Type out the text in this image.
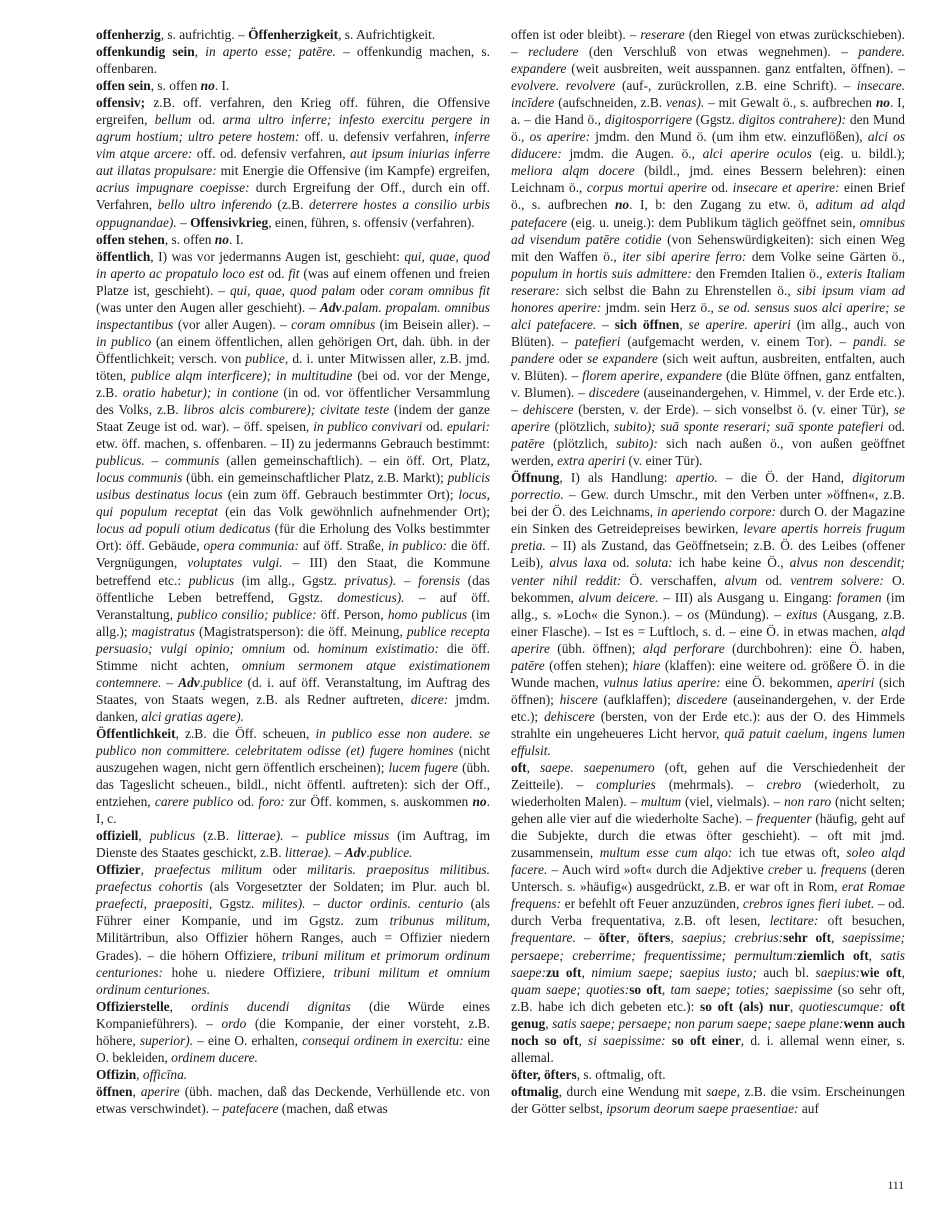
offenherzig, s. aufrichtig. – Öffenherzigkeit, s. Aufrichtigkeit.

offenkundig sein, in aperto esse; patēre. – offenkundig machen, s. offenbaren.

offen sein, s. offen no. I.

offensiv; z.B. off. verfahren, den Krieg off. führen, die Offensive ergreifen, bellum od. arma ultro inferre; infesto exercitu pergere in agrum hostium; ultro petere hostem: off. u. defensiv verfahren, inferre vim atque arcere: off. od. defensiv verfahren, aut ipsum iniurias inferre aut illatas propulsare: mit Energie die Offensive (im Kampfe) ergreifen, acrius impugnare coepisse: durch Ergreifung der Off., durch ein off. Verfahren, bello ultro inferendo (z.B. deterrere hostes a consilio urbis oppugnandae). – Offensivkrieg, einen, führen, s. offensiv (verfahren).

offen stehen, s. offen no. I.

öffentlich, I) was vor jedermanns Augen ist, geschieht: qui, quae, quod in aperto ac propatulo loco est od. fit (was auf einem offenen und freien Platze ist, geschieht). – qui, quae, quod palam oder coram omnibus fit (was unter den Augen aller geschieht). – Adv.palam. propalam. omnibus inspectantibus (vor aller Augen). – coram omnibus (im Beisein aller). – in publico (an einem öffentlichen, allen gehörigen Ort, dah. übh. in der Öffentlichkeit; versch. von publice, d. i. unter Mitwissen aller, z.B. jmd. töten, publice alqm interficere); in multitudine (bei od. vor der Menge, z.B. oratio habetur); in contione (in od. vor öffentlicher Versammlung des Volks, z.B. libros alcis comburere); civitate teste (indem der ganze Staat Zeuge ist od. war). – öff. speisen, in publico convivari od. epulari: etw. öff. machen, s. offenbaren. – II) zu jedermanns Gebrauch bestimmt: publicus. – communis (allen gemeinschaftlich). – ein öff. Ort, Platz, locus communis (übh. ein gemeinschaftlicher Platz, z.B. Markt); publicis usibus destinatus locus (ein zum öff. Gebrauch bestimmter Ort); locus, qui populum receptat (ein das Volk gewöhnlich aufnehmender Ort); locus ad populi otium dedicatus (für die Erholung des Volks bestimmter Ort): öff. Gebäude, opera communia: auf öff. Straße, in publico: die öff. Vergnügungen, voluptates vulgi. – III) den Staat, die Kommune betreffend etc.: publicus (im allg., Ggstz. privatus). – forensis (das öffentliche Leben betreffend, Ggstz. domesticus). – auf öff. Veranstaltung, publico consilio; publice: öff. Person, homo publicus (im allg.); magistratus (Magistratsperson): die öff. Meinung, publice recepta persuasio; vulgi opinio; omnium od. hominum existimatio: die öff. Stimme nicht achten, omnium sermonem atque existimationem contemnere. – Adv.publice (d. i. auf öff. Veranstaltung, im Auftrag des Staates, von Staats wegen, z.B. als Redner auftreten, dicere: jmdm. danken, alci gratias agere).

Öffentlichkeit, z.B. die Öff. scheuen, in publico esse non audere. se publico non committere. celebritatem odisse (et) fugere homines (nicht auszugehen wagen, nicht gern öffentlich erscheinen); lucem fugere (übh. das Tageslicht scheuen., bildl., nicht öffentl. auftreten): sich der Off., entziehen, carere publico od. foro: zur Öff. kommen, s. auskommen no. I, c.

offiziell, publicus (z.B. litterae). – publice missus (im Auftrag, im Dienste des Staates geschickt, z.B. litterae). – Adv.publice.

Offizier, praefectus militum oder militaris. praepositus militibus. praefectus cohortis (als Vorgesetzter der Soldaten; im Plur. auch bl. praefecti, praepositi, Ggstz. milites). – ductor ordinis. centurio (als Führer einer Kompanie, und im Ggstz. zum tribunus militum, Militärtribun, also Offizier höhern Ranges, auch = Offizier niedern Grades). – die höhern Offiziere, tribuni militum et primorum ordinum centuriones: hohe u. niedere Offiziere, tribuni militum et omnium ordinum centuriones.

Offizierstelle, ordinis ducendi dignitas (die Würde eines Kompanieführers). – ordo (die Kompanie, der einer vorsteht, z.B. höhere, superior). – eine O. erhalten, consequi ordinem in exercitu: eine O. bekleiden, ordinem ducere.

Offizin, officīna.

öffnen, aperire (übh. machen, daß das Deckende, Verhüllende etc. von etwas verschwindet). – patefacere (machen, daß etwas

offen ist oder bleibt). – reserare (den Riegel von etwas zurückschieben). – recludere (den Verschluß von etwas wegnehmen). – pandere. expandere (weit ausbreiten, weit ausspannen. ganz entfalten, öffnen). – evolvere. revolvere (auf-, zurückrollen, z.B. eine Schrift). – insecare. incīdere (aufschneiden, z.B. venas). – mit Gewalt ö., s. aufbrechen no. I, a. – die Hand ö., digitosporrigere (Ggstz. digitos contrahere): den Mund ö., os aperire: jmdm. den Mund ö. (um ihm etw. einzuflößen), alci os diducere: jmdm. die Augen. ö., alci aperire oculos (eig. u. bildl.); meliora alqm docere (bildl., jmd. eines Bessern belehren): einen Leichnam ö., corpus mortui aperire od. insecare et aperire: einen Brief ö., s. aufbrechen no. I, b: den Zugang zu etw. ö, aditum ad alqd patefacere (eig. u. uneig.): dem Publikum täglich geöffnet sein, omnibus ad visendum patēre cotidie (von Sehenswürdigkeiten): sich einen Weg mit den Waffen ö., iter sibi aperire ferro: dem Volke seine Gärten ö., populum in hortis suis admittere: den Fremden Italien ö., exteris Italiam reserare: sich selbst die Bahn zu Ehrenstellen ö., sibi ipsum viam ad honores aperire: jmdm. sein Herz ö., se od. sensus suos alci aperire; se alci patefacere. – sich öffnen, se aperire. aperiri (im allg., auch von Blüten). – patefieri (aufgemacht werden, v. einem Tor). – pandi. se pandere oder se expandere (sich weit auftun, ausbreiten, entfalten, auch v. Blüten). – florem aperire, expandere (die Blüte öffnen, ganz entfalten, v. Blumen). – discedere (auseinandergehen, v. Himmel, v. der Erde etc.). – dehiscere (bersten, v. der Erde). – sich vonselbst ö. (v. einer Tür), se aperire (plötzlich, subito); suā sponte reserari; suā sponte patefieri od. patēre (plötzlich, subito): sich nach außen ö., von außen geöffnet werden, extra aperiri (v. einer Tür).

Öffnung, I) als Handlung: apertio. – die Ö. der Hand, digitorum porrectio. – Gew. durch Umschr., mit den Verben unter »öffnen«, z.B. bei der Ö. des Leichnams, in aperiendo corpore: durch O. der Magazine ein Sinken des Getreidepreises bewirken, levare apertis horreis frugum pretia. – II) als Zustand, das Geöffnetsein; z.B. Ö. des Leibes (offener Leib), alvus laxa od. soluta: ich habe keine Ö., alvus non descendit; venter nihil reddit: Ö. verschaffen, alvum od. ventrem solvere: O. bekommen, alvum deicere. – III) als Ausgang u. Eingang: foramen (im allg., s. »Loch« die Synon.). – os (Mündung). – exitus (Ausgang, z.B. einer Flasche). – Ist es = Luftloch, s. d. – eine Ö. in etwas machen, alqd aperire (übh. öffnen); alqd perforare (durchbohren): eine Ö. haben, patēre (offen stehen); hiare (klaffen): eine weitere od. größere Ö. in die Wunde machen, vulnus latius aperire: eine Ö. bekommen, aperiri (sich öffnen); hiscere (aufklaffen); discedere (auseinandergehen, v. der Erde etc.); dehiscere (bersten, von der Erde etc.): aus der O. des Himmels strahlte ein ungeheueres Licht hervor, quā patuit caelum, ingens lumen effulsit.

oft, saepe. saepenumero (oft, gehen auf die Verschiedenheit der Zeitteile). – compluries (mehrmals). – crebro (wiederholt, zu wiederholten Malen). – multum (viel, vielmals). – non raro (nicht selten; gehen alle vier auf die wiederholte Sache). – frequenter (häufig, geht auf die Subjekte, durch die etwas öfter geschieht). – oft mit jmd. zusammensein, multum esse cum alqo: ich tue etwas oft, soleo alqd facere. – Auch wird »oft« durch die Adjektive creber u. frequens (deren Untersch. s. »häufig«) ausgedrückt, z.B. er war oft in Rom, erat Romae frequens: er befehlt oft Feuer anzuzünden, crebros ignes fieri iubet. – od. durch Verba frequentativa, z.B. oft lesen, lectitare: oft besuchen, frequentare. – öfter, öfters, saepius; crebrius:sehr oft, saepissime; persaepe; creberrime; frequentissime; permultum:ziemlich oft, satis saepe:zu oft, nimium saepe; saepius iusto; auch bl. saepius:wie oft, quam saepe; quoties:so oft, tam saepe; toties; saepissime (so sehr oft, z.B. habe ich dich gebeten etc.): so oft (als) nur, quotiescumque: oft genug, satis saepe; persaepe; non parum saepe; saepe plane:wenn auch noch so oft, si saepissime: so oft einer, d. i. allemal wenn einer, s. allemal.

öfter, öfters, s. oftmalig, oft.

oftmalig, durch eine Wendung mit saepe, z.B. die vsim. Erscheinungen der Götter selbst, ipsorum deorum saepe praesentiae: auf

111
